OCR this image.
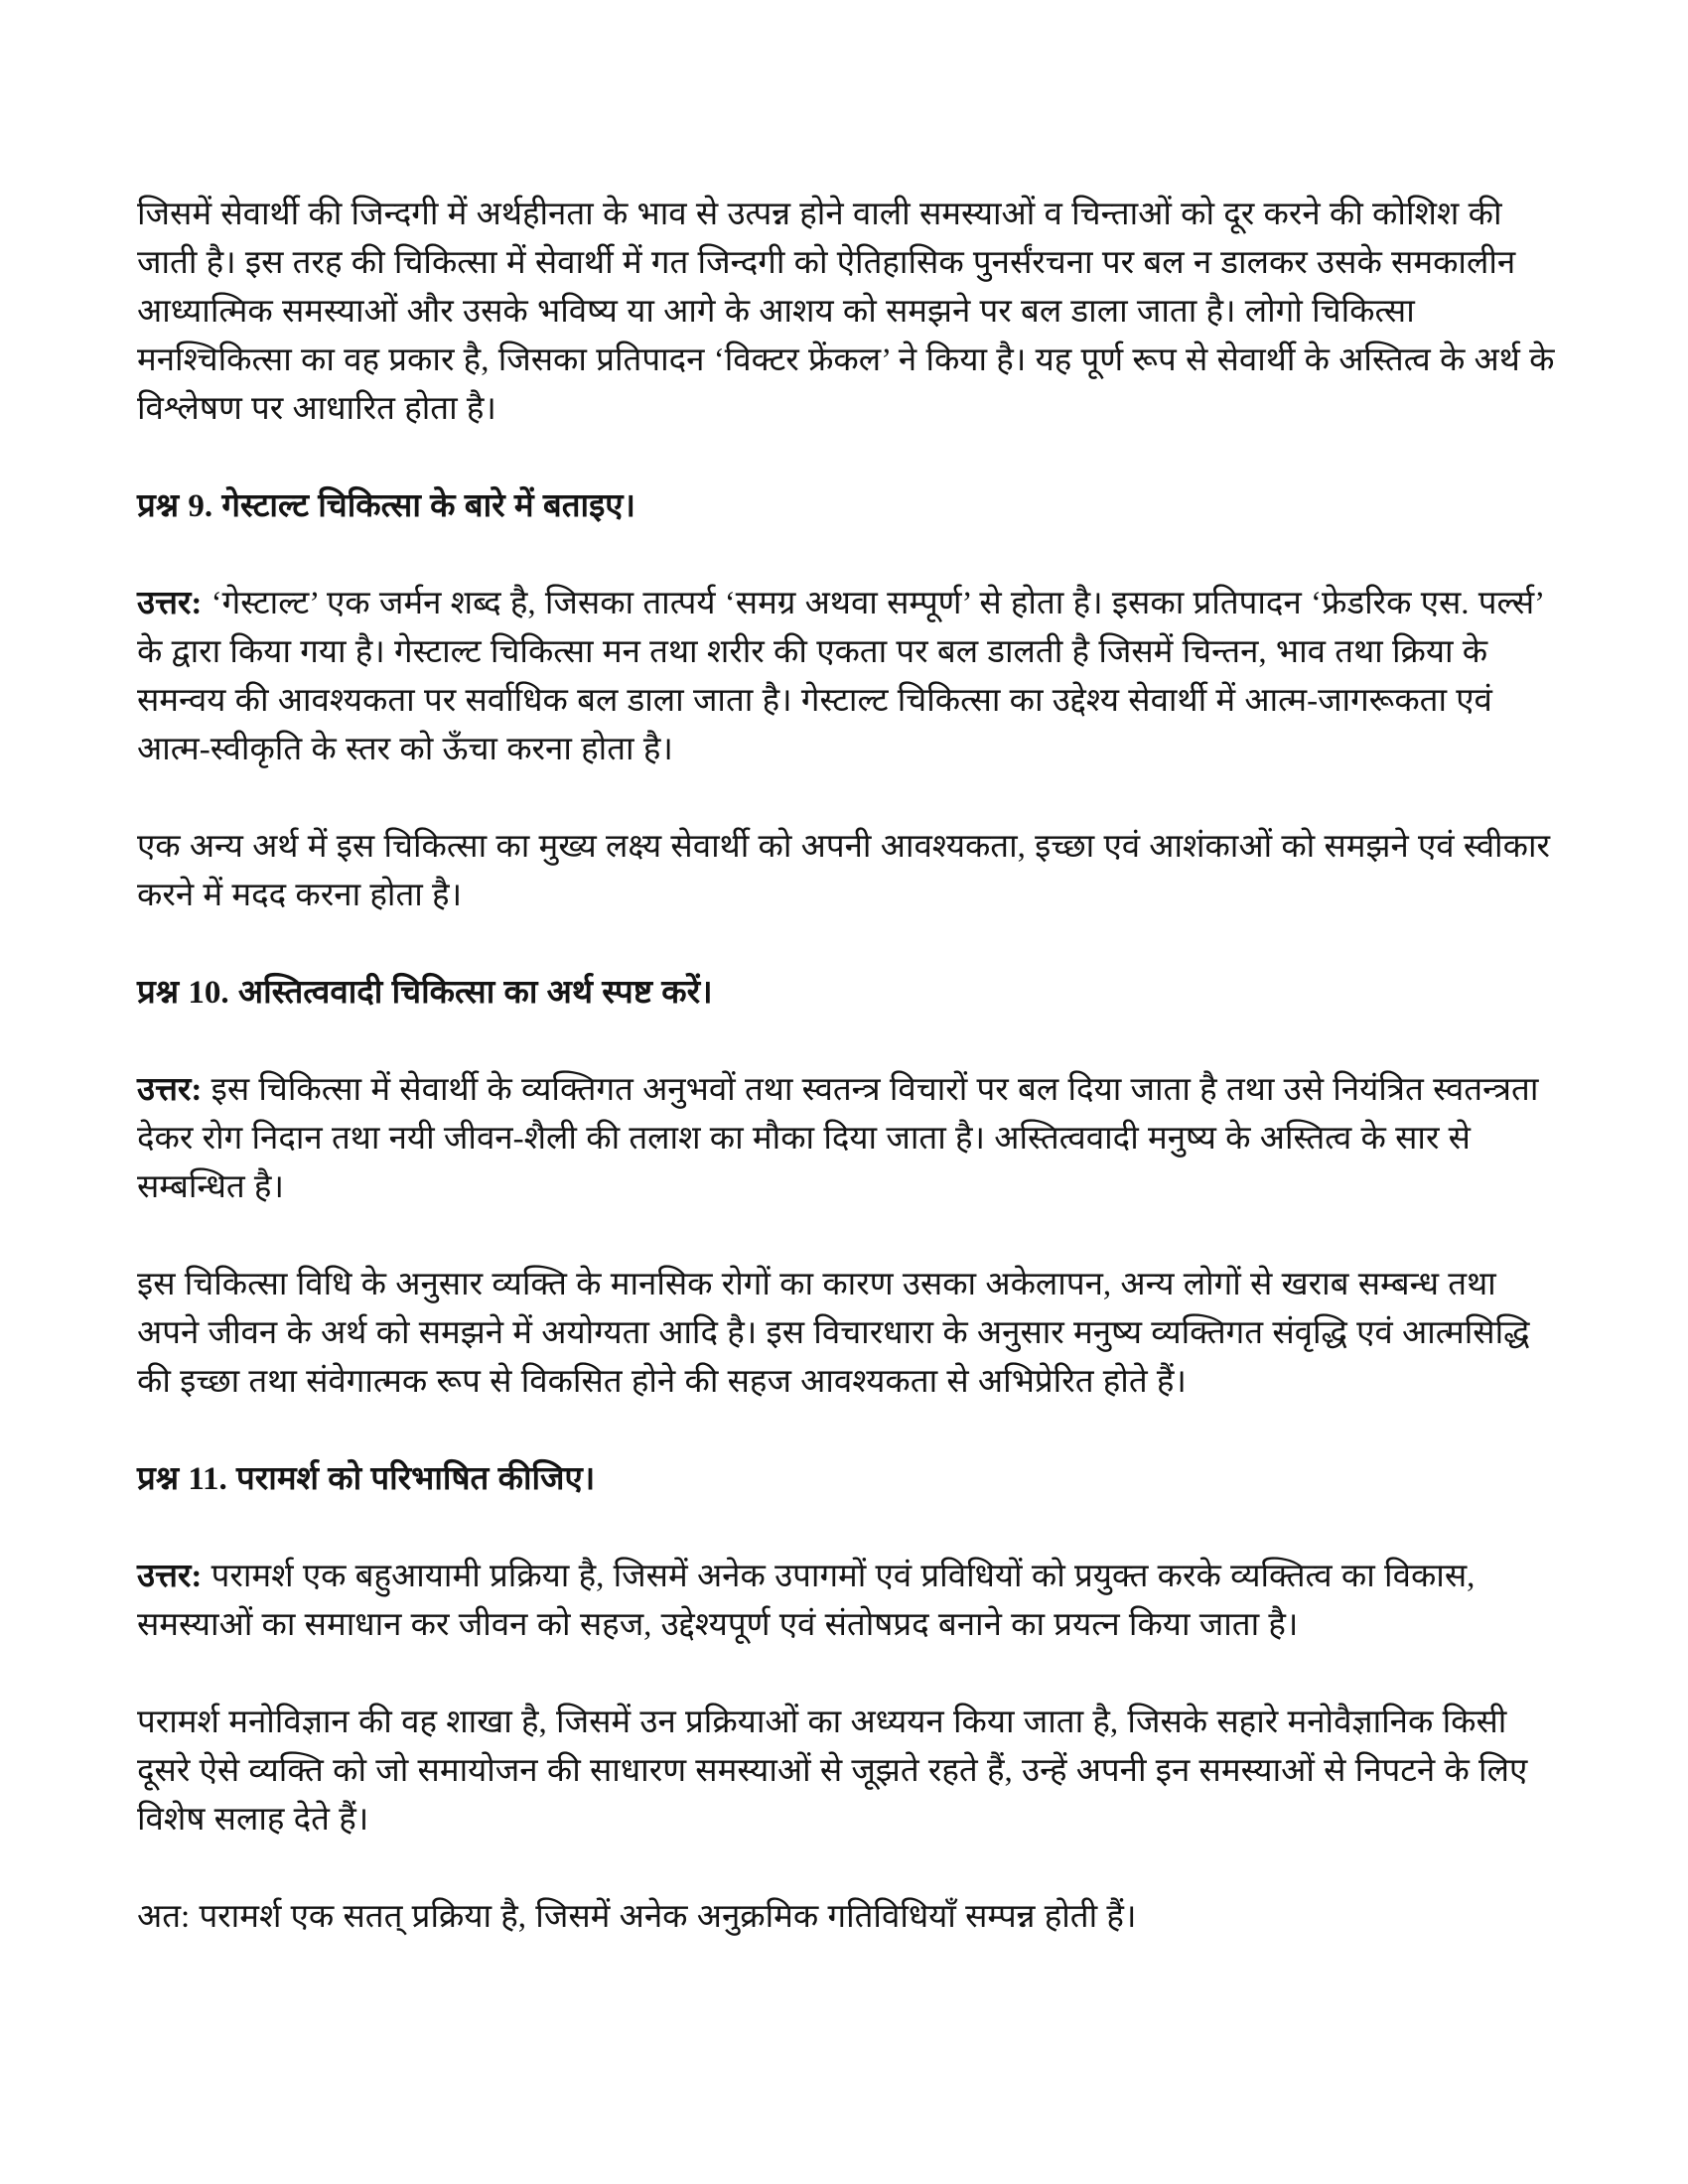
जिसमें सेवार्थी की जिन्दगी में अर्थहीनता के भाव से उत्पन्न होने वाली समस्याओं व चिन्ताओं को दूर करने की कोशिश की जाती है। इस तरह की चिकित्सा में सेवार्थी में गत जिन्दगी को ऐतिहासिक पुनर्संरचना पर बल न डालकर उसके समकालीन आध्यात्मिक समस्याओं और उसके भविष्य या आगे के आशय को समझने पर बल डाला जाता है। लोगो चिकित्सा मनश्चिकित्सा का वह प्रकार है, जिसका प्रतिपादन ‘विक्टर फ्रेंकल’ ने किया है। यह पूर्ण रूप से सेवार्थी के अस्तित्व के अर्थ के विश्लेषण पर आधारित होता है।

प्रश्न 9. गेस्टाल्ट चिकित्सा के बारे में बताइए।

उत्तर: ‘गेस्टाल्ट’ एक जर्मन शब्द है, जिसका तात्पर्य ‘समग्र अथवा सम्पूर्ण’ से होता है। इसका प्रतिपादन ‘फ्रेडरिक एस. पर्ल्स’ के द्वारा किया गया है। गेस्टाल्ट चिकित्सा मन तथा शरीर की एकता पर बल डालती है जिसमें चिन्तन, भाव तथा क्रिया के समन्वय की आवश्यकता पर सर्वाधिक बल डाला जाता है। गेस्टाल्ट चिकित्सा का उद्देश्य सेवार्थी में आत्म-जागरूकता एवं आत्म-स्वीकृति के स्तर को ऊँचा करना होता है।

एक अन्य अर्थ में इस चिकित्सा का मुख्य लक्ष्य सेवार्थी को अपनी आवश्यकता, इच्छा एवं आशंकाओं को समझने एवं स्वीकार करने में मदद करना होता है।

प्रश्न 10. अस्तित्ववादी चिकित्सा का अर्थ स्पष्ट करें।

उत्तर: इस चिकित्सा में सेवार्थी के व्यक्तिगत अनुभवों तथा स्वतन्त्र विचारों पर बल दिया जाता है तथा उसे नियंत्रित स्वतन्त्रता देकर रोग निदान तथा नयी जीवन-शैली की तलाश का मौका दिया जाता है। अस्तित्ववादी मनुष्य के अस्तित्व के सार से सम्बन्धित है।

इस चिकित्सा विधि के अनुसार व्यक्ति के मानसिक रोगों का कारण उसका अकेलापन, अन्य लोगों से खराब सम्बन्ध तथा अपने जीवन के अर्थ को समझने में अयोग्यता आदि है। इस विचारधारा के अनुसार मनुष्य व्यक्तिगत संवृद्धि एवं आत्मसिद्धि की इच्छा तथा संवेगात्मक रूप से विकसित होने की सहज आवश्यकता से अभिप्रेरित होते हैं।

प्रश्न 11. परामर्श को परिभाषित कीजिए।

उत्तर: परामर्श एक बहुआयामी प्रक्रिया है, जिसमें अनेक उपागमों एवं प्रविधियों को प्रयुक्त करके व्यक्तित्व का विकास, समस्याओं का समाधान कर जीवन को सहज, उद्देश्यपूर्ण एवं संतोषप्रद बनाने का प्रयत्न किया जाता है।

परामर्श मनोविज्ञान की वह शाखा है, जिसमें उन प्रक्रियाओं का अध्ययन किया जाता है, जिसके सहारे मनोवैज्ञानिक किसी दूसरे ऐसे व्यक्ति को जो समायोजन की साधारण समस्याओं से जूझते रहते हैं, उन्हें अपनी इन समस्याओं से निपटने के लिए विशेष सलाह देते हैं।

अत: परामर्श एक सतत् प्रक्रिया है, जिसमें अनेक अनुक्रमिक गतिविधियाँ सम्पन्न होती हैं।
